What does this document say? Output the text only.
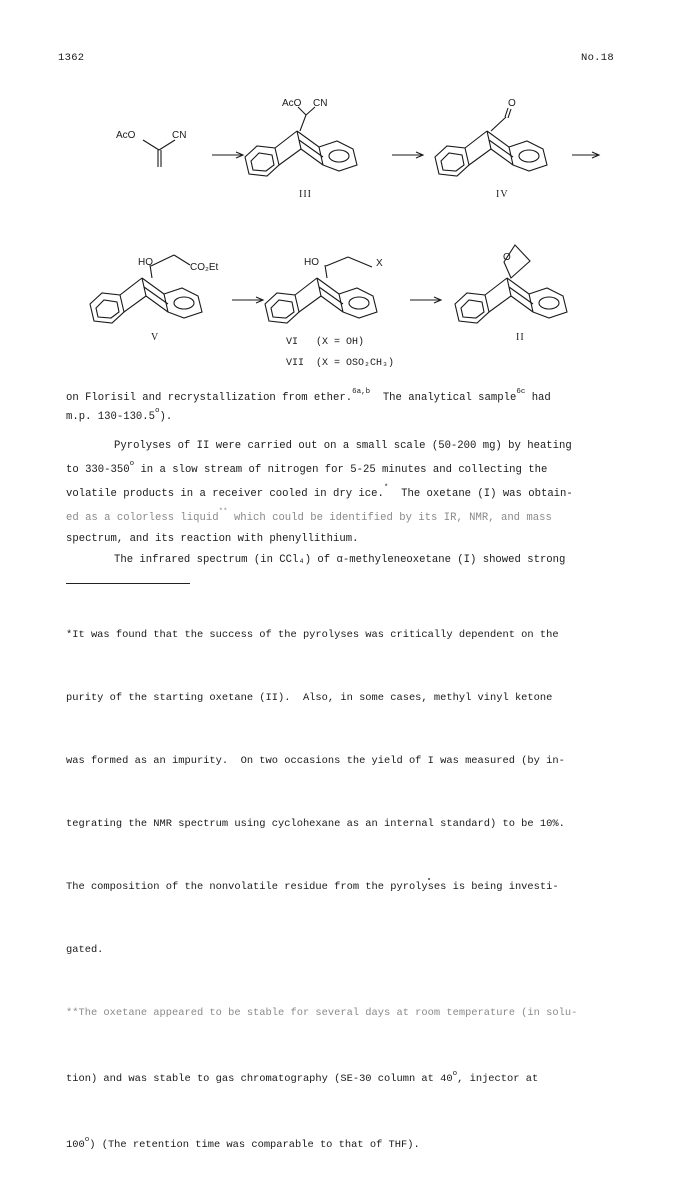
1362	No.18
AcO	CN
AcO CN
III
O
IV
HO	CO₂Et
V
HO	X
VI   (X = OH)
VII  (X = OSO₂CH₃)
O
II
on Florisil and recrystallization from ether.$^{6a,b}$ The analytical sample$^{6c}$ had
m.p. 130-130.5$^o$).
Pyrolyses of II were carried out on a small scale (50-200 mg) by heating
to 330-350$^o$ in a slow stream of nitrogen for 5-25 minutes and collecting the
volatile products in a receiver cooled in dry ice.*  The oxetane (I) was obtain-
ed as a colorless liquid** which could be identified by its IR, NMR, and mass
spectrum, and its reaction with phenyllithium.
The infrared spectrum (in CCl₄) of α-methyleneoxetane (I) showed strong

*It was found that the success of the pyrolyses was critically dependent on the

purity of the starting oxetane (II).  Also, in some cases, methyl vinyl ketone

was formed as an impurity.  On two occasions the yield of I was measured (by in-

tegrating the NMR spectrum using cyclohexane as an internal standard) to be 10%.

The composition of the nonvolatile residue from the pyrolyses is being investi-

gated.

**The oxetane appeared to be stable for several days at room temperature (in solu-

tion) and was stable to gas chromatography (SE-30 column at 40$^o$, injector at

100$^o$) (The retention time was comparable to that of THF).
